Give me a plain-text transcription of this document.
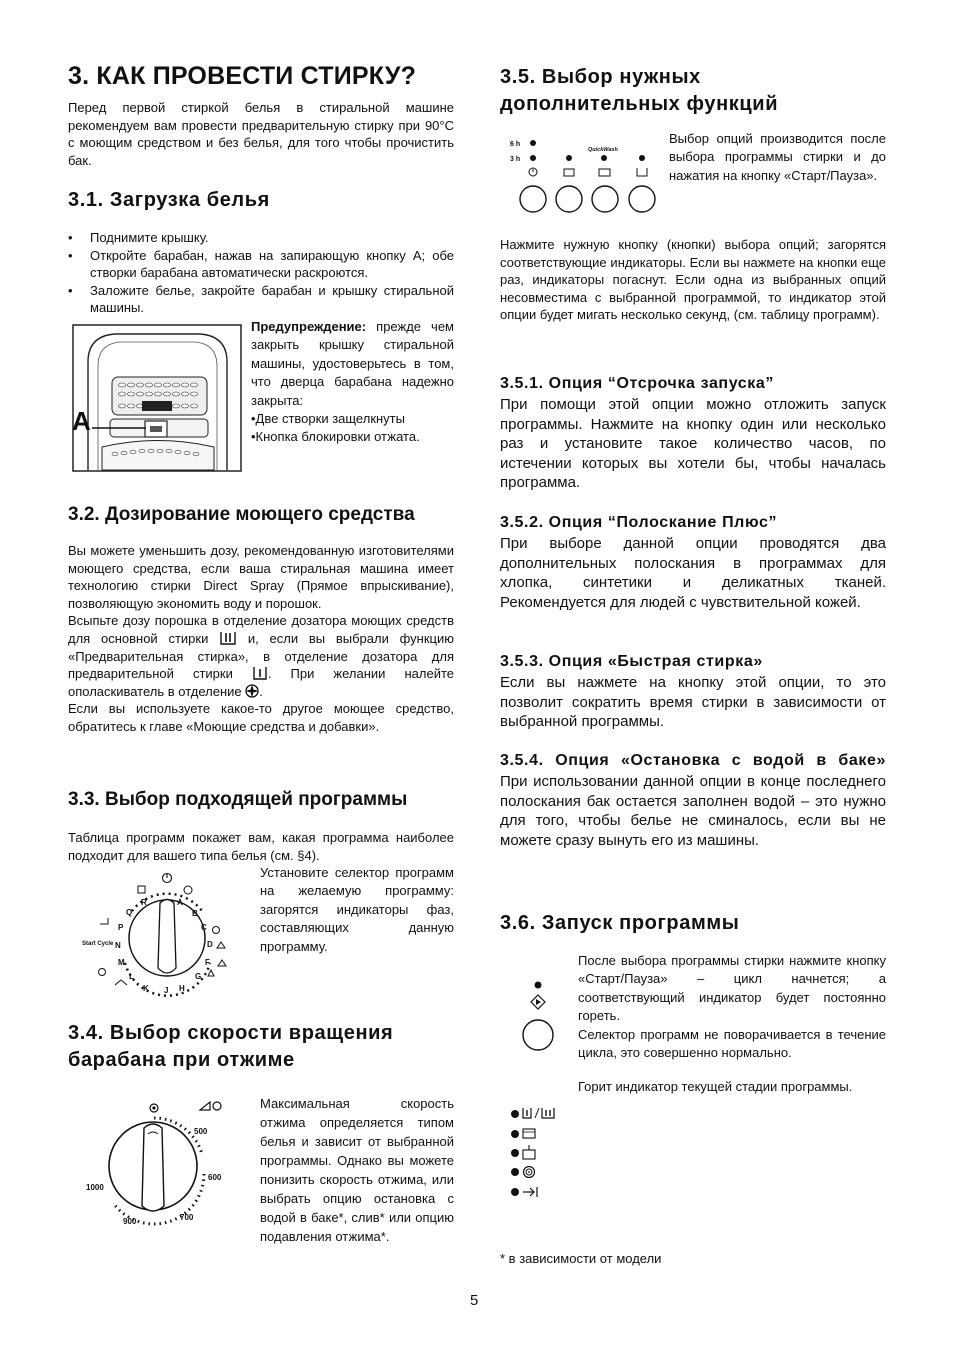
3. КАК ПРОВЕСТИ СТИРКУ?
Перед первой стиркой белья в стиральной машине рекомендуем вам провести предварительную стирку при 90°C с моющим средством и без белья, для того чтобы прочистить бак.
3.1. Загрузка белья
• Поднимите крышку.
• Откройте барабан, нажав на запирающую кнопку А; обе створки барабана автоматически раскроются.
• Заложите белье, закройте барабан и крышку стиральной машины.
A
Предупреждение: прежде чем закрыть крышку стиральной машины, удостоверьтесь в том, что дверца барабана надежно закрыта:
•Две створки защелкнуты
•Кнопка блокировки отжата.
3.2. Дозирование моющего средства
Вы можете уменьшить дозу, рекомендованную изготовителями моющего средства, если ваша стиральная машина имеет технологию стирки Direct Spray (Прямое впрыскивание), позволяющую экономить воду и порошок.
Всыпьте дозу порошка в отделение дозатора моющих средств для основной стирки	и, если вы выбрали функцию «Предварительная стирка», в отделение дозатора для предварительной стирки	. При желании налейте ополаскиватель в отделение .
Если вы используете какое-то другое моющее средство, обратитесь к главе «Моющие средства и добавки».
3.3. Выбор подходящей программы
Таблица программ покажет вам, какая программа наиболее подходит для вашего типа белья (см. §4).
R	A
Q	B
P	C
N	D
M	F
L	G
K J H
Start Cycle
Установите селектор программ на желаемую программу: загорятся индикаторы фаз, составляющих данную программу.
3.4. Выбор скорости вращения барабана при отжиме
500
600
700
900
1000
Максимальная скорость отжима определяется типом белья и зависит от выбранной программы. Однако вы можете понизить скорость отжима, или выбрать опцию остановка с водой в баке*, слив* или опцию подавления отжима*.
3.5. Выбор нужных дополнительных функций
6 h
3 h
QuickWash
Выбор опций производится после выбора программы стирки и до нажатия на кнопку «Старт/Пауза».
Нажмите нужную кнопку (кнопки) выбора опций; загорятся соответствующие индикаторы. Если вы нажмете на кнопки еще раз, индикаторы погаснут. Если одна из выбранных опций несовместима с выбранной программой, то индикатор этой опции будет мигать несколько секунд, (см. таблицу программ).
3.5.1. Опция “Отсрочка запуска”
При помощи этой опции можно отложить запуск программы. Нажмите на кнопку один или несколько раз и установите такое количество часов, по истечении которых вы хотели бы, чтобы началась программа.
3.5.2. Опция “Полоскание Плюс”
При выборе данной опции проводятся два дополнительных полоскания в программах для хлопка, синтетики и деликатных тканей. Рекомендуется для людей с чувствительной кожей.
3.5.3. Опция «Быстрая стирка»
Если вы нажмете на кнопку этой опции, то это позволит сократить время стирки в зависимости от выбранной программы.
3.5.4. Опция «Остановка с водой в баке»
При использовании данной опции в конце последнего полоскания бак остается заполнен водой – это нужно для того, чтобы белье не сминалось, если вы не можете сразу вынуть его из машины.
3.6. Запуск программы
После выбора программы стирки нажмите кнопку «Старт/Пауза» – цикл начнется; а соответствующий индикатор будет постоянно гореть.
Селектор программ не поворачивается в течение цикла, это совершенно нормально.
Горит индикатор текущей стадии программы.
* в зависимости от модели
5
